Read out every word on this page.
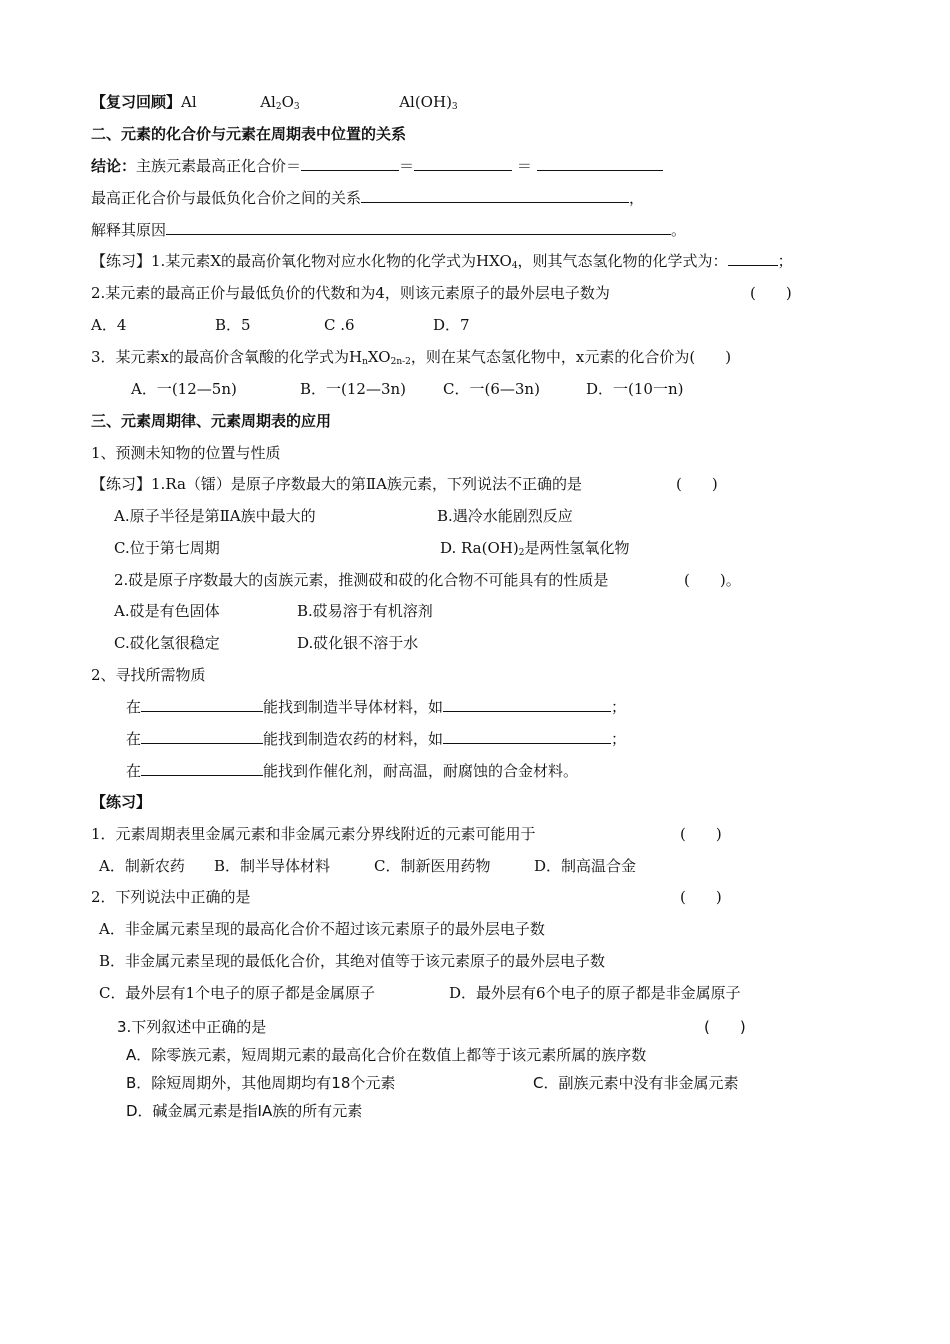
【复习回顾】Al	$Al_2O_3$	$Al(OH)_3$
二、元素的化合价与元素在周期表中位置的关系
结论：主族元素最高正化合价＝	＝	＝
最高正化合价与最低负化合价之间的关系	，
解释其原因	。
【练习】1.某元素X的最高价氧化物对应水化物的化学式为$HXO_4$，则其气态氢化物的化学式为：	；
2.某元素的最高正价与最低负价的代数和为4，则该元素原子的最外层电子数为	(　　)
A．4	B．5	C .6	D．7
3．某元素x的最高价含氧酸的化学式为$H_nXO_{2n-2}$，则在某气态氢化物中，x元素的化合价为(　　)
A．一(12—5n)	B．一(12—3n) C．一(6—3n)	D．一(10一n)
三、元素周期律、元素周期表的应用
1、预测未知物的位置与性质
【练习】1.Ra（镭）是原子序数最大的第ⅡA族元素，下列说法不正确的是	(　　)
A.原子半径是第ⅡA族中最大的	B.遇冷水能剧烈反应
C.位于第七周期	D. $Ra(OH)_2$是两性氢氧化物
2.砹是原子序数最大的卤族元素，推测砹和砹的化合物不可能具有的性质是	(　　)。
A.砹是有色固体	B.砹易溶于有机溶剂
C.砹化氢很稳定	D.砹化银不溶于水
2、寻找所需物质
在	能找到制造半导体材料，如	；
在	能找到制造农药的材料，如	；
在	能找到作催化剂，耐高温，耐腐蚀的合金材料。
【练习】
1．元素周期表里金属元素和非金属元素分界线附近的元素可能用于	(　　)
A．制新农药 B．制半导体材料	C．制新医用药物	D．制高温合金
2．下列说法中正确的是	(　　)
A．非金属元素呈现的最高化合价不超过该元素原子的最外层电子数
B．非金属元素呈现的最低化合价，其绝对值等于该元素原子的最外层电子数
C．最外层有1个电子的原子都是金属原子	D．最外层有6个电子的原子都是非金属原子
3.下列叙述中正确的是	(　　)
A．除零族元素，短周期元素的最高化合价在数值上都等于该元素所属的族序数
B．除短周期外，其他周期均有18个元素	C．副族元素中没有非金属元素
D．碱金属元素是指ⅠA族的所有元素
